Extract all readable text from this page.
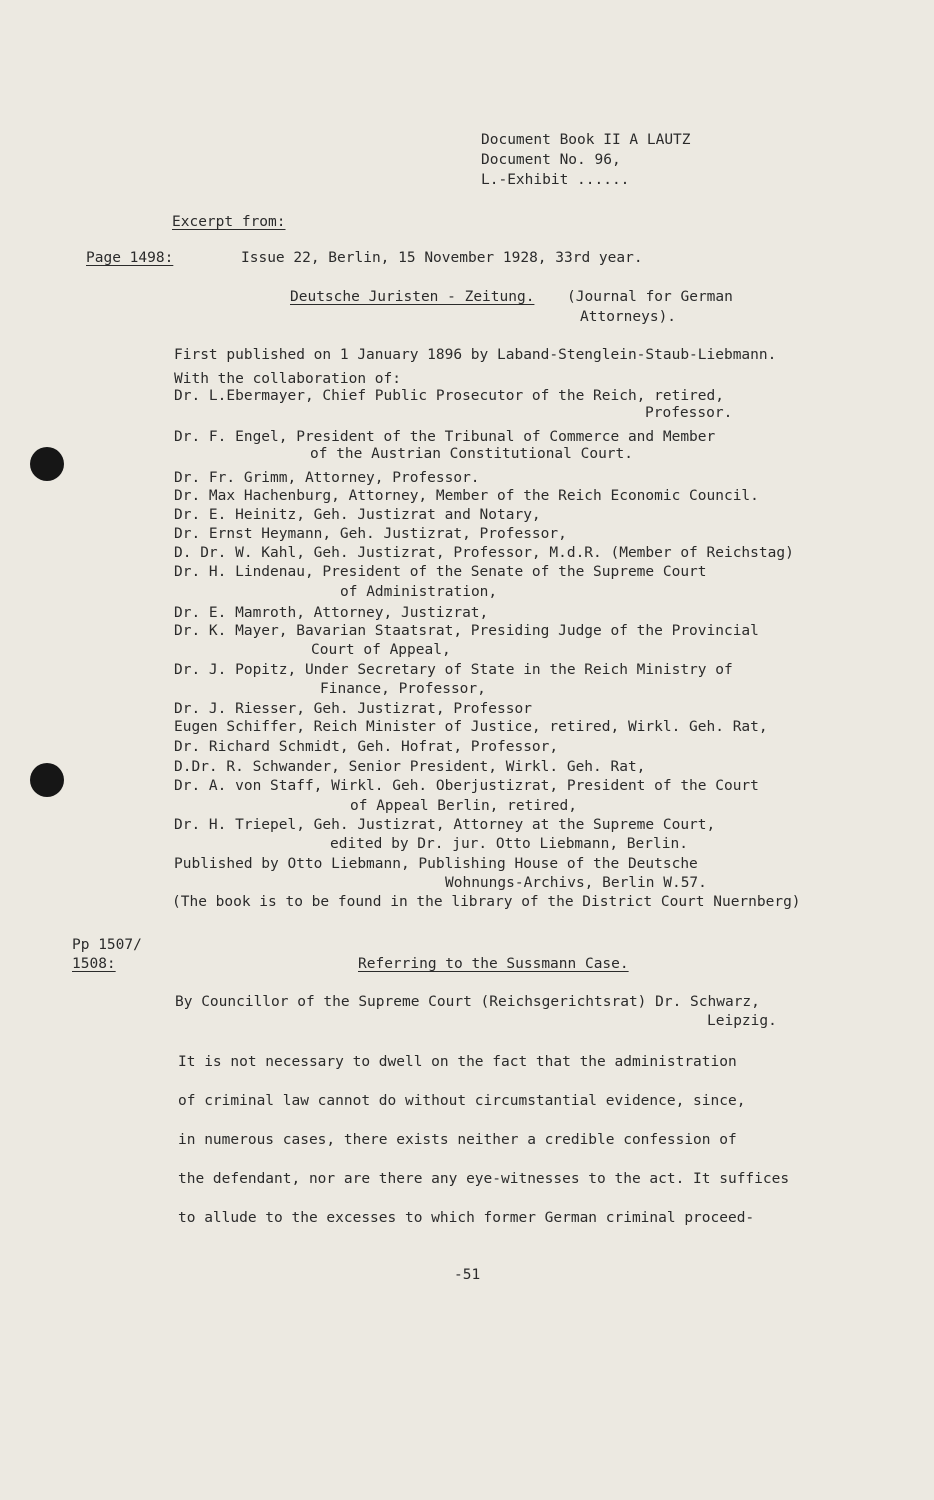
Document Book II A LAUTZ
Document No. 96,
L.-Exhibit ......
Excerpt from:
Page 1498:	Issue 22, Berlin, 15 November 1928, 33rd year.
Deutsche Juristen - Zeitung. (Journal for German
Attorneys).
First published on 1 January 1896 by Laband-Stenglein-Staub-Liebmann.
With the collaboration of:
Dr. L.Ebermayer, Chief Public Prosecutor of the Reich, retired,
Professor.
Dr. F. Engel, President of the Tribunal of Commerce and Member
of the Austrian Constitutional Court.
Dr. Fr. Grimm, Attorney, Professor.
Dr. Max Hachenburg, Attorney, Member of the Reich Economic Council.
Dr. E. Heinitz, Geh. Justizrat and Notary,
Dr. Ernst Heymann, Geh. Justizrat, Professor,
D. Dr. W. Kahl, Geh. Justizrat, Professor, M.d.R. (Member of Reichstag)
Dr. H. Lindenau, President of the Senate of the Supreme Court
of Administration,
Dr. E. Mamroth, Attorney, Justizrat,
Dr. K. Mayer, Bavarian Staatsrat, Presiding Judge of the Provincial
Court of Appeal,
Dr. J. Popitz, Under Secretary of State in the Reich Ministry of
Finance, Professor,
Dr. J. Riesser, Geh. Justizrat, Professor
Eugen Schiffer, Reich Minister of Justice, retired, Wirkl. Geh. Rat,
Dr. Richard Schmidt, Geh. Hofrat, Professor,
D.Dr. R. Schwander, Senior President, Wirkl. Geh. Rat,
Dr. A. von Staff, Wirkl. Geh. Oberjustizrat, President of the Court
of Appeal Berlin, retired,
Dr. H. Triepel, Geh. Justizrat, Attorney at the Supreme Court,
edited by Dr. jur. Otto Liebmann, Berlin.
Published by Otto Liebmann, Publishing House of the Deutsche
Wohnungs-Archivs, Berlin W.57.
(The book is to be found in the library of the District Court Nuernberg)
Pp 1507/
1508:	Referring to the Sussmann Case.
By Councillor of the Supreme Court (Reichsgerichtsrat) Dr. Schwarz,
Leipzig.
It is not necessary to dwell on the fact that the administration
of criminal law cannot do without circumstantial evidence, since,
in numerous cases, there exists neither a credible confession of
the defendant, nor are there any eye-witnesses to the act. It suffices
to allude to the excesses to which former German criminal proceed-
-51
